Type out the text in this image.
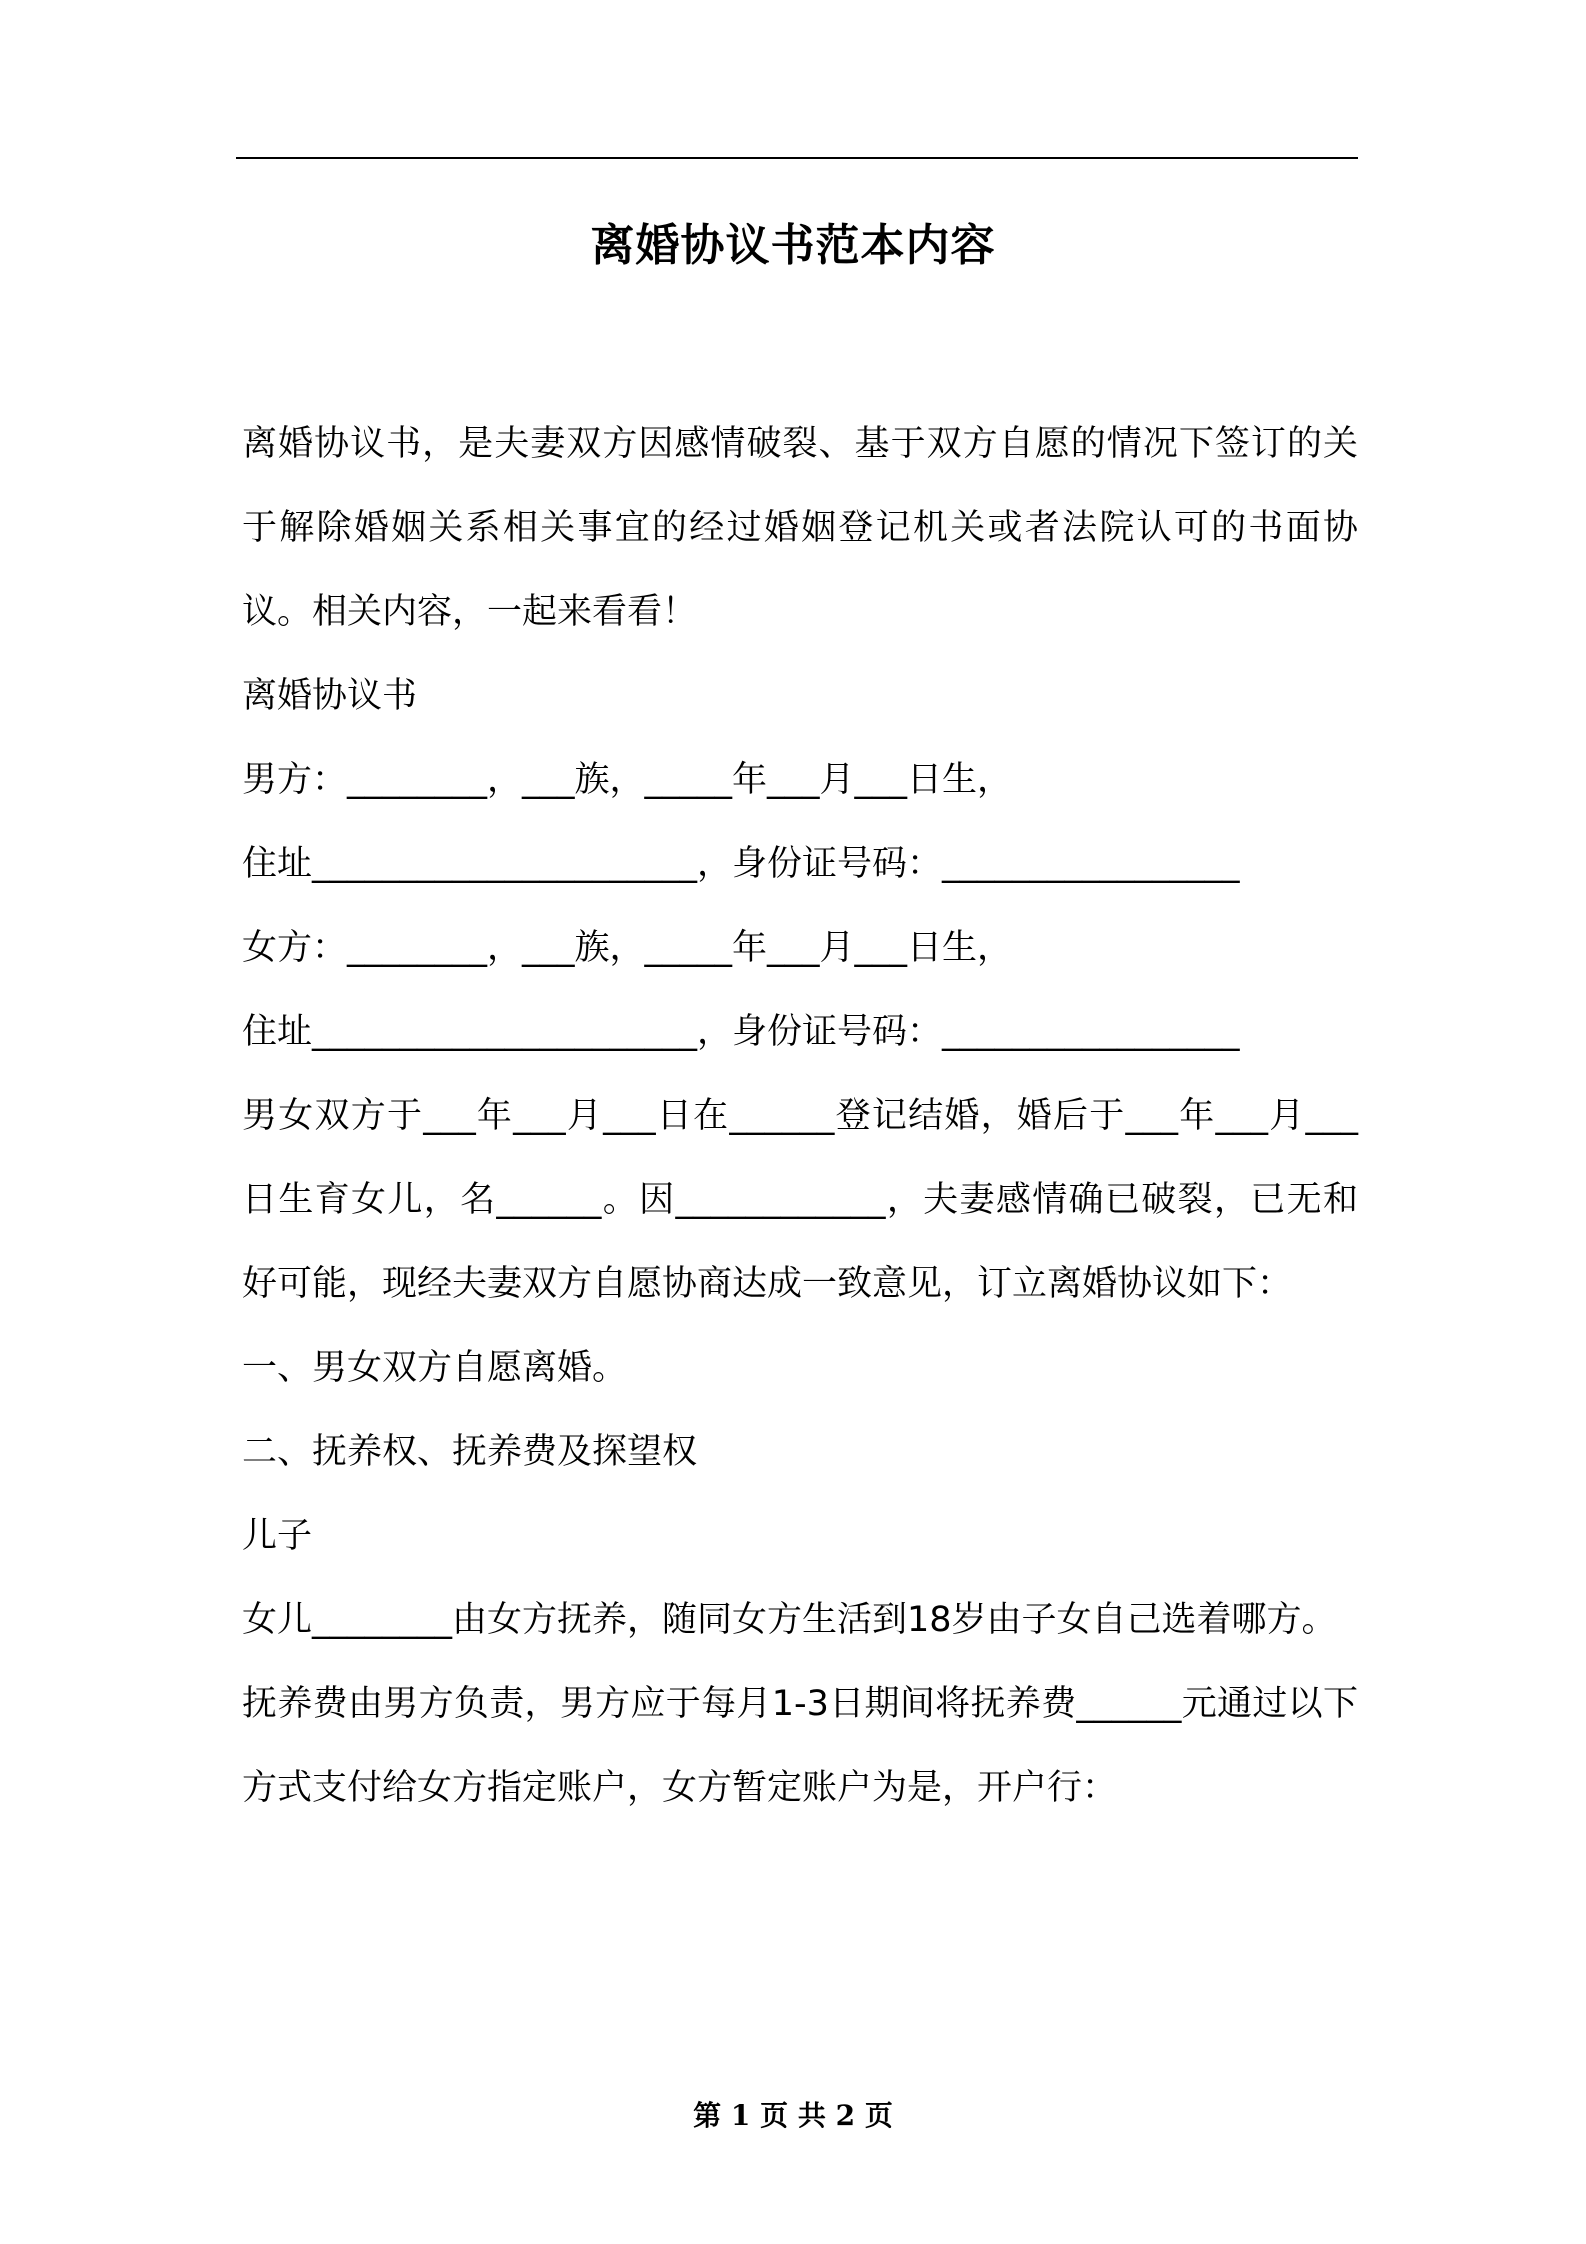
离婚协议书范本内容

离婚协议书，是夫妻双方因感情破裂、基于双方自愿的情况下签订的关于解除婚姻关系相关事宜的经过婚姻登记机关或者法院认可的书面协议。相关内容，一起来看看！

离婚协议书

男方：________，___族，_____年___月___日生，

住址______________________，身份证号码：_________________

女方：________，___族，_____年___月___日生，

住址______________________，身份证号码：_________________

男女双方于___年___月___日在______登记结婚，婚后于___年___月___日生育女儿，名______。因____________，夫妻感情确已破裂，已无和好可能，现经夫妻双方自愿协商达成一致意见，订立离婚协议如下：

一、男女双方自愿离婚。

二、抚养权、抚养费及探望权

儿子

女儿________由女方抚养，随同女方生活到18岁由子女自己选着哪方。

抚养费由男方负责，男方应于每月1-3日期间将抚养费______元通过以下方式支付给女方指定账户，女方暂定账户为是，开户行：

第 1 页 共 2 页
